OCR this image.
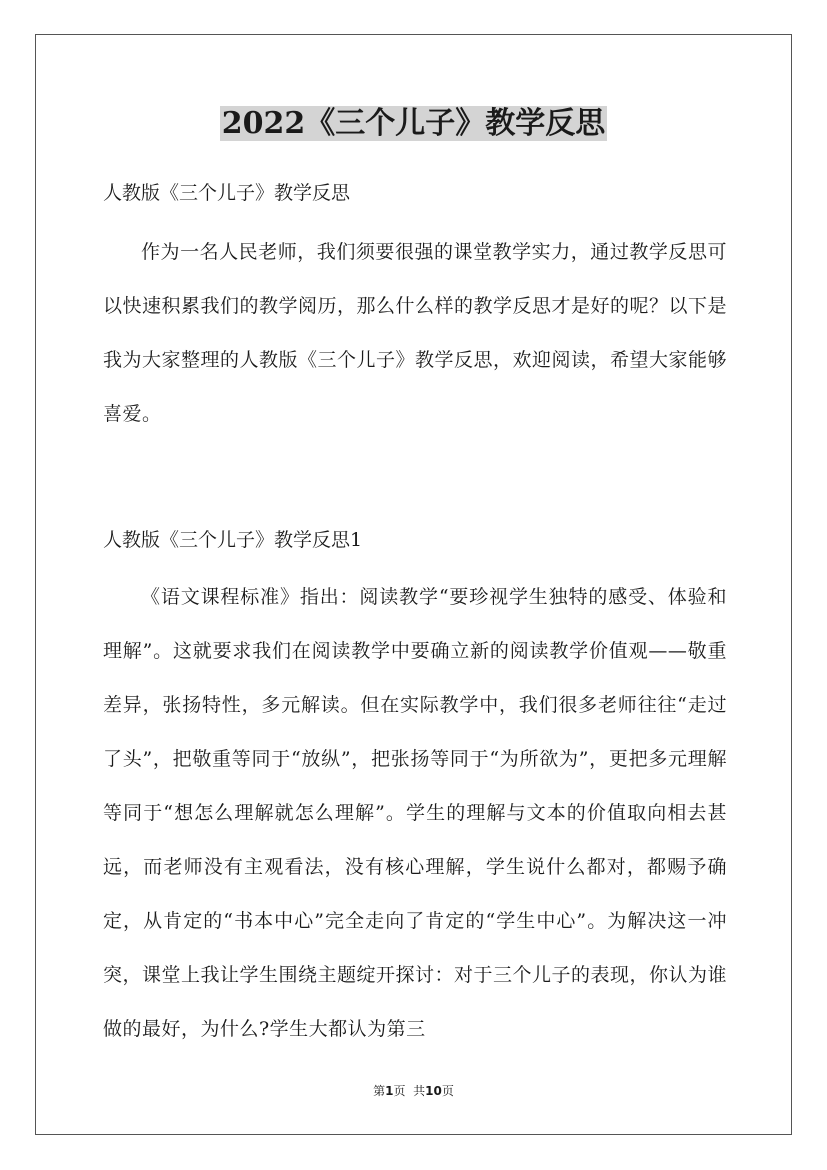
2022《三个儿子》教学反思

人教版《三个儿子》教学反思

作为一名人民老师，我们须要很强的课堂教学实力，通过教学反思可以快速积累我们的教学阅历，那么什么样的教学反思才是好的呢？以下是我为大家整理的人教版《三个儿子》教学反思，欢迎阅读，希望大家能够喜爱。

人教版《三个儿子》教学反思1

《语文课程标准》指出：阅读教学“要珍视学生独特的感受、体验和理解”。这就要求我们在阅读教学中要确立新的阅读教学价值观——敬重差异，张扬特性，多元解读。但在实际教学中，我们很多老师往往“走过了头”，把敬重等同于“放纵”，把张扬等同于“为所欲为”，更把多元理解等同于“想怎么理解就怎么理解”。学生的理解与文本的价值取向相去甚远，而老师没有主观看法，没有核心理解，学生说什么都对，都赐予确定，从肯定的“书本中心”完全走向了肯定的“学生中心”。为解决这一冲突，课堂上我让学生围绕主题绽开探讨：对于三个儿子的表现，你认为谁做的最好，为什么?学生大都认为第三

第1页 共10页
